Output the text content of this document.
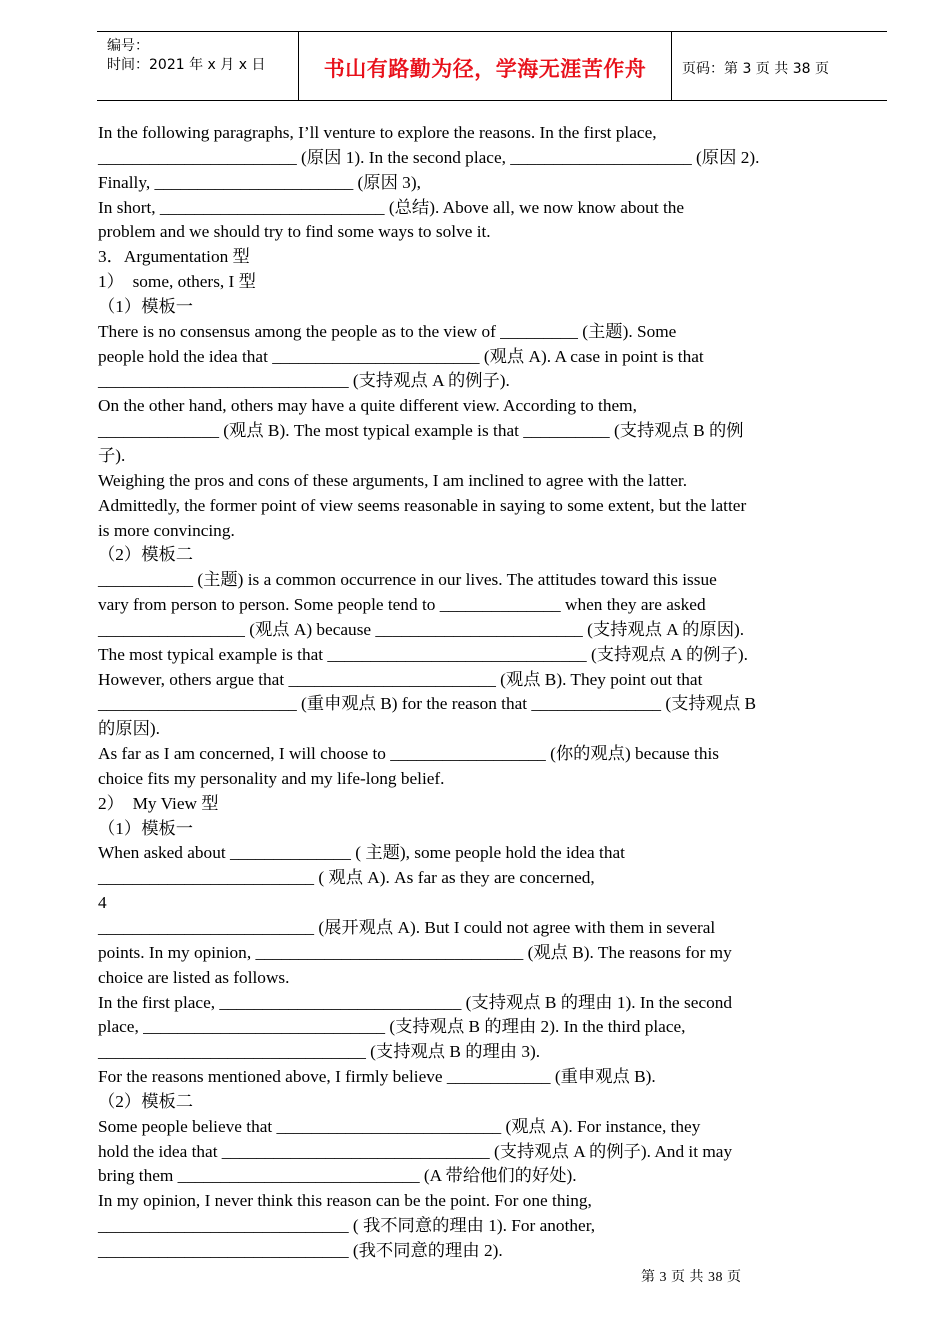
编号：
时间：2021 年 x 月 x 日	书山有路勤为径，学海无涯苦作舟	页码：第 3 页 共 38 页
In the following paragraphs, I’ll venture to explore the reasons. In the first place,
_______________________ (原因 1). In the second place, _____________________ (原因 2).
Finally, _______________________ (原因 3),
In short, __________________________ (总结). Above all, we now know about the
problem and we should try to find some ways to solve it.
3．Argumentation 型
1）  some, others, I 型
（1）模板一
There is no consensus among the people as to the view of _________ (主题). Some
people hold the idea that ________________________ (观点 A). A case in point is that
_____________________________ (支持观点 A 的例子).
On the other hand, others may have a quite different view. According to them,
______________ (观点 B). The most typical example is that __________ (支持观点 B 的例
子).
Weighing the pros and cons of these arguments, I am inclined to agree with the latter.
Admittedly, the former point of view seems reasonable in saying to some extent, but the latter
is more convincing.
（2）模板二
___________ (主题) is a common occurrence in our lives. The attitudes toward this issue
vary from person to person. Some people tend to ______________ when they are asked
_________________ (观点 A) because ________________________ (支持观点 A 的原因).
The most typical example is that ______________________________ (支持观点 A 的例子).
However, others argue that ________________________ (观点 B). They point out that
_______________________ (重申观点 B) for the reason that _______________ (支持观点 B
的原因).
As far as I am concerned, I will choose to __________________ (你的观点) because this
choice fits my personality and my life-long belief.
2）  My View 型
（1）模板一
When asked about ______________ ( 主题), some people hold the idea that
_________________________ ( 观点 A). As far as they are concerned,
4
_________________________ (展开观点 A). But I could not agree with them in several
points. In my opinion, _______________________________ (观点 B). The reasons for my
choice are listed as follows.
In the first place, ____________________________ (支持观点 B 的理由 1). In the second
place, ____________________________ (支持观点 B 的理由 2). In the third place,
_______________________________ (支持观点 B 的理由 3).
For the reasons mentioned above, I firmly believe ____________ (重申观点 B).
（2）模板二
Some people believe that __________________________ (观点 A). For instance, they
hold the idea that _______________________________ (支持观点 A 的例子). And it may
bring them ____________________________ (A 带给他们的好处).
In my opinion, I never think this reason can be the point. For one thing,
_____________________________ ( 我不同意的理由 1). For another,
_____________________________ (我不同意的理由 2).
第 3 页 共 38 页
